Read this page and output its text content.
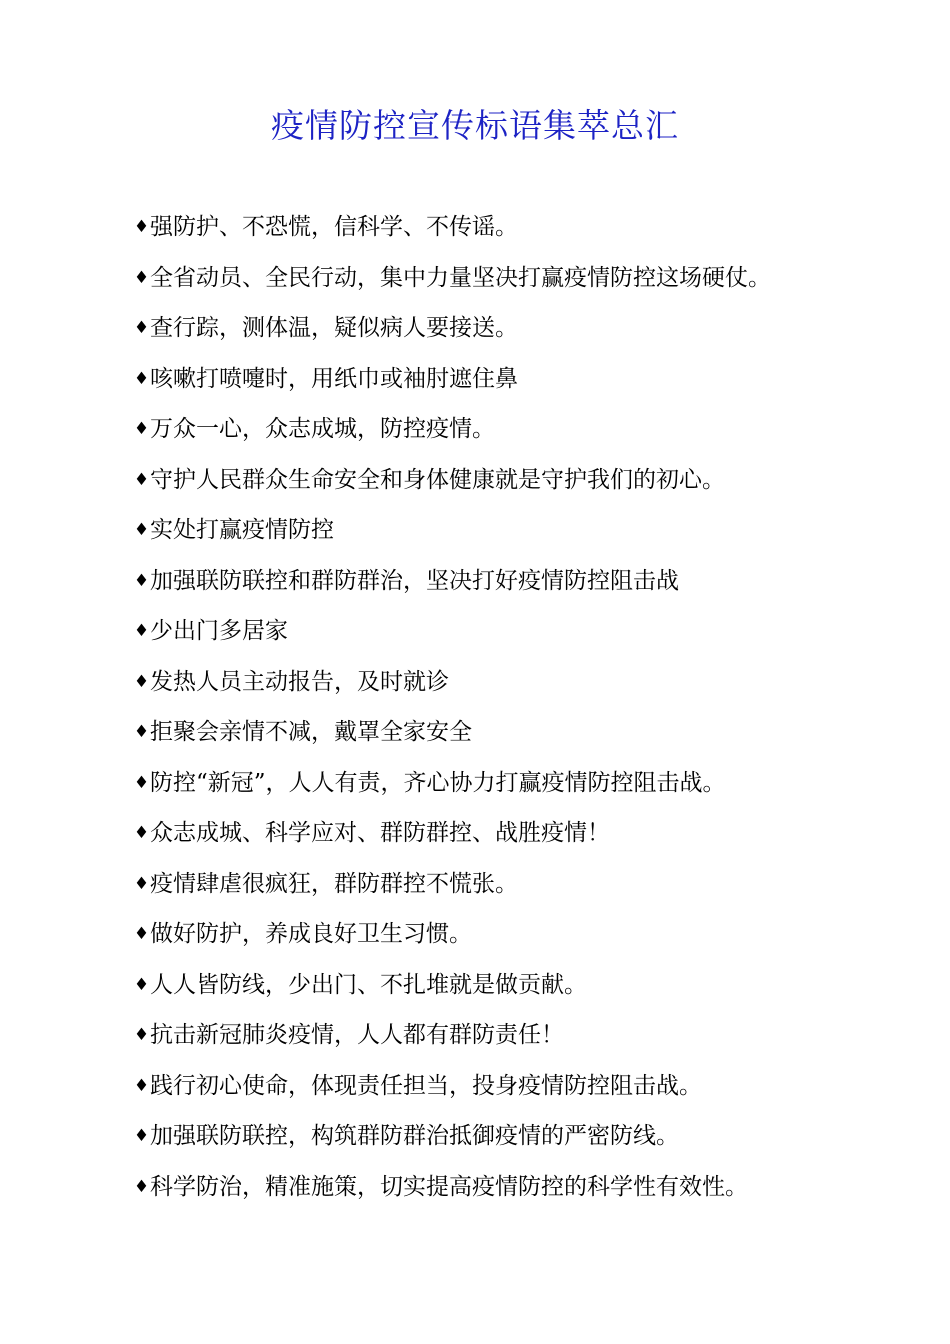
疫情防控宣传标语集萃总汇
♦ 强防护、不恐慌，信科学、不传谣。
♦ 全省动员、全民行动，集中力量坚决打赢疫情防控这场硬仗。
♦ 查行踪，测体温，疑似病人要接送。
♦ 咳嗽打喷嚏时，用纸巾或袖肘遮住鼻
♦ 万众一心，众志成城，防控疫情。
♦ 守护人民群众生命安全和身体健康就是守护我们的初心。
♦ 实处打赢疫情防控
♦ 加强联防联控和群防群治，坚决打好疫情防控阻击战
♦ 少出门多居家
♦ 发热人员主动报告，及时就诊
♦ 拒聚会亲情不减，戴罩全家安全
♦ 防控“新冠”，人人有责，齐心协力打赢疫情防控阻击战。
♦ 众志成城、科学应对、群防群控、战胜疫情！
♦ 疫情肆虐很疯狂，群防群控不慌张。
♦ 做好防护，养成良好卫生习惯。
♦ 人人皆防线，少出门、不扎堆就是做贡献。
♦ 抗击新冠肺炎疫情，人人都有群防责任！
♦ 践行初心使命，体现责任担当，投身疫情防控阻击战。
♦ 加强联防联控，构筑群防群治抵御疫情的严密防线。
♦ 科学防治，精准施策，切实提高疫情防控的科学性有效性。
